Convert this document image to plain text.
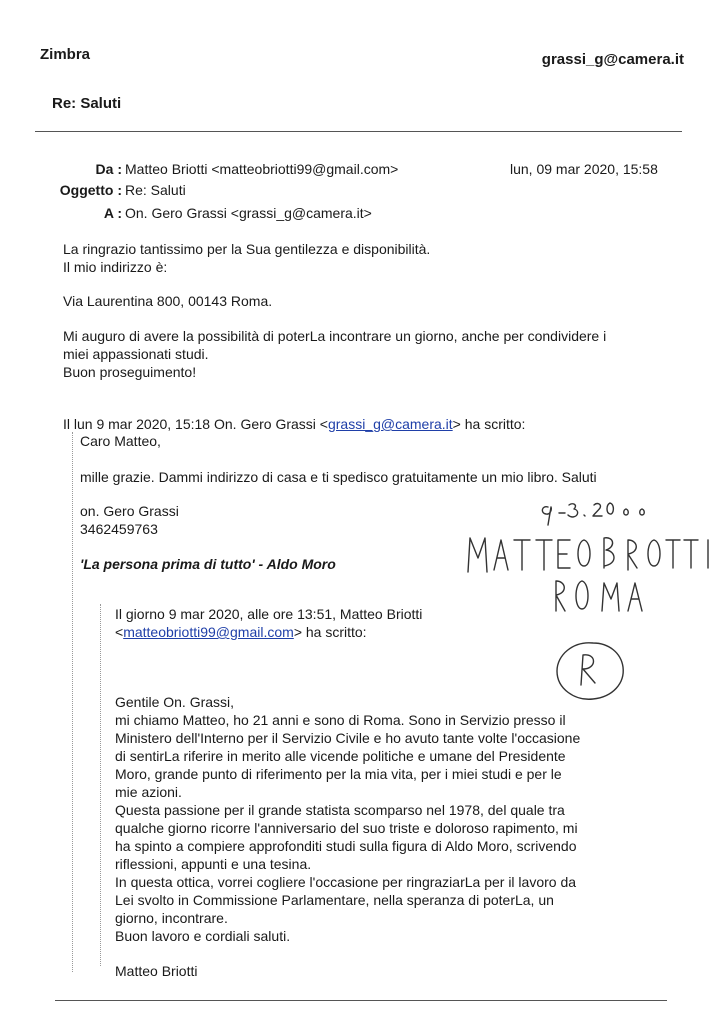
Zimbra	grassi_g@camera.it
Re: Saluti
Da : Matteo Briotti <matteobriotti99@gmail.com>	lun, 09 mar 2020, 15:58
Oggetto : Re: Saluti
A : On. Gero Grassi <grassi_g@camera.it>
La ringrazio tantissimo per la Sua gentilezza e disponibilità.
Il mio indirizzo è:
Via Laurentina 800, 00143 Roma.
Mi auguro di avere la possibilità di poterLa incontrare un giorno, anche per condividere i
miei appassionati studi.
Buon proseguimento!
Il lun 9 mar 2020, 15:18 On. Gero Grassi <grassi_g@camera.it> ha scritto:
Caro Matteo,
mille grazie. Dammi indirizzo di casa e ti spedisco gratuitamente un mio libro. Saluti
on. Gero Grassi
3462459763
'La persona prima di tutto' - Aldo Moro
Il giorno 9 mar 2020, alle ore 13:51, Matteo Briotti
<matteobriotti99@gmail.com> ha scritto:
Gentile On. Grassi,
mi chiamo Matteo, ho 21 anni e sono di Roma. Sono in Servizio presso il
Ministero dell'Interno per il Servizio Civile e ho avuto tante volte l'occasione
di sentirLa riferire in merito alle vicende politiche e umane del Presidente
Moro, grande punto di riferimento per la mia vita, per i miei studi e per le
mie azioni.
Questa passione per il grande statista scomparso nel 1978, del quale tra
qualche giorno ricorre l'anniversario del suo triste e doloroso rapimento, mi
ha spinto a compiere approfonditi studi sulla figura di Aldo Moro, scrivendo
riflessioni, appunti e una tesina.
In questa ottica, vorrei cogliere l'occasione per ringraziarLa per il lavoro da
Lei svolto in Commissione Parlamentare, nella speranza di poterLa, un
giorno, incontrare.
Buon lavoro e cordiali saluti.
Matteo Briotti
9.3.2000
MATTEO BRIOTTI
ROMA
R
